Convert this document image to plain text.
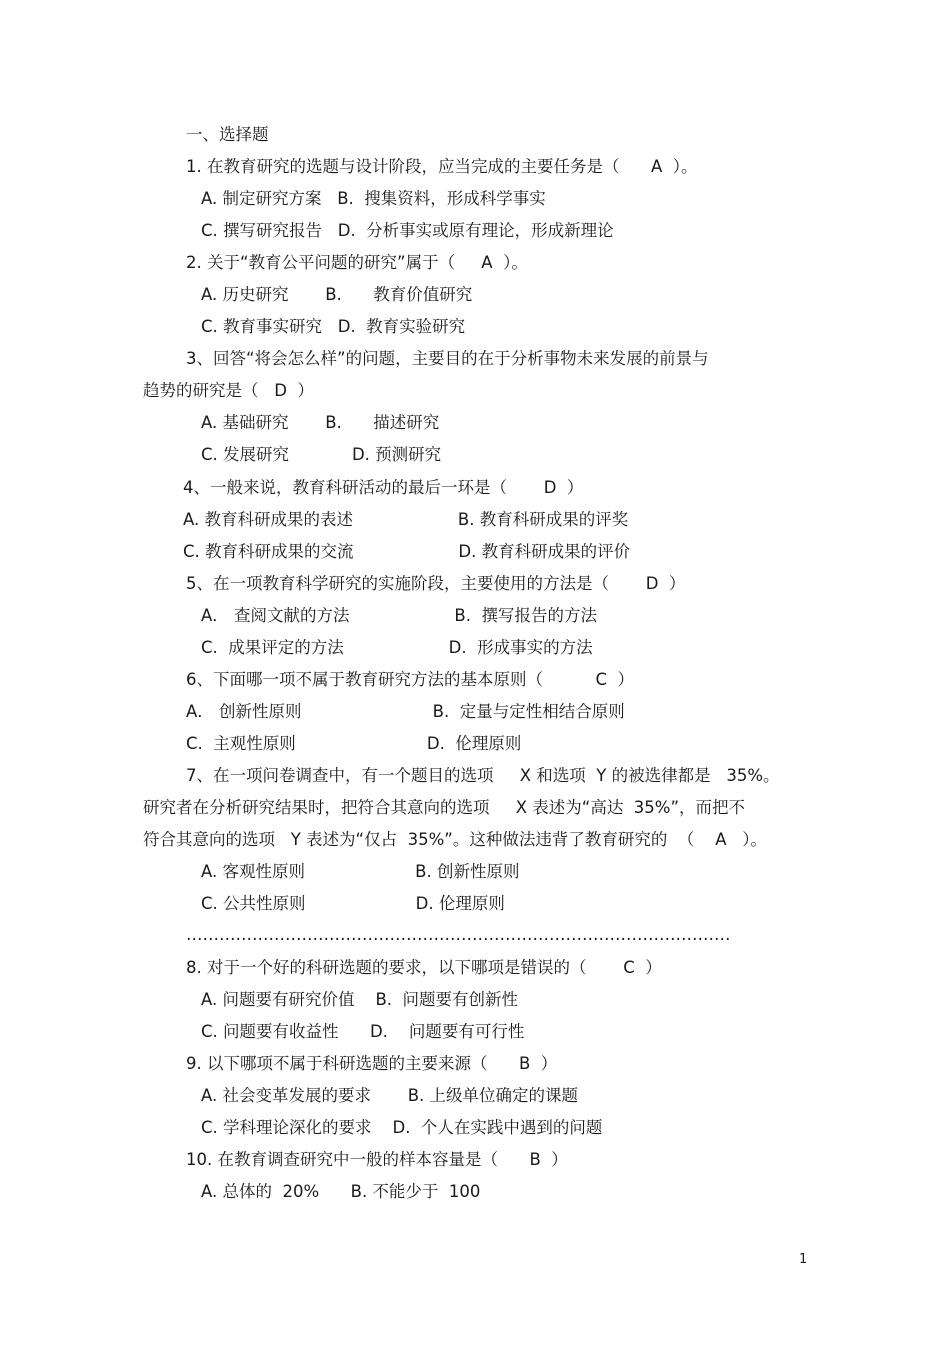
一、选择题
1. 在教育研究的选题与设计阶段，应当完成的主要任务是（      A  ）。
A. 制定研究方案   B.  搜集资料，形成科学事实
C. 撰写研究报告   D.  分析事实或原有理论，形成新理论
2. 关于“教育公平问题的研究”属于（     A  ）。
A. 历史研究       B.      教育价值研究
C. 教育事实研究   D.  教育实验研究
3、回答“将会怎么样”的问题，主要目的在于分析事物未来发展的前景与
趋势的研究是（   D  ）
A. 基础研究       B.      描述研究
C. 发展研究            D. 预测研究
4、一般来说，教育科研活动的最后一环是（       D  ）
A. 教育科研成果的表述                    B. 教育科研成果的评奖
C. 教育科研成果的交流                    D. 教育科研成果的评价
5、在一项教育科学研究的实施阶段，主要使用的方法是（       D  ）
A． 查阅文献的方法                    B.  撰写报告的方法
C.  成果评定的方法                    D.  形成事实的方法
6、下面哪一项不属于教育研究方法的基本原则（          C  ）
A． 创新性原则                         B.  定量与定性相结合原则
C.  主观性原则                         D.  伦理原则
7、在一项问卷调查中，有一个题目的选项     X 和选项  Y 的被选律都是   35%。
研究者在分析研究结果时，把符合其意向的选项     X 表述为“高达  35%”，而把不
符合其意向的选项   Y 表述为“仅占  35%”。这种做法违背了教育研究的  （    A   ）。
A. 客观性原则                     B. 创新性原则
C. 公共性原则                     D. 伦理原则
………………………………………………………………………………………
8. 对于一个好的科研选题的要求，以下哪项是错误的（       C  ）
A. 问题要有研究价值    B.  问题要有创新性
C. 问题要有收益性      D.    问题要有可行性
9. 以下哪项不属于科研选题的主要来源（      B  ）
A. 社会变革发展的要求       B. 上级单位确定的课题
C. 学科理论深化的要求    D.  个人在实践中遇到的问题
10. 在教育调查研究中一般的样本容量是（      B  ）
A. 总体的  20%      B. 不能少于  100
1
